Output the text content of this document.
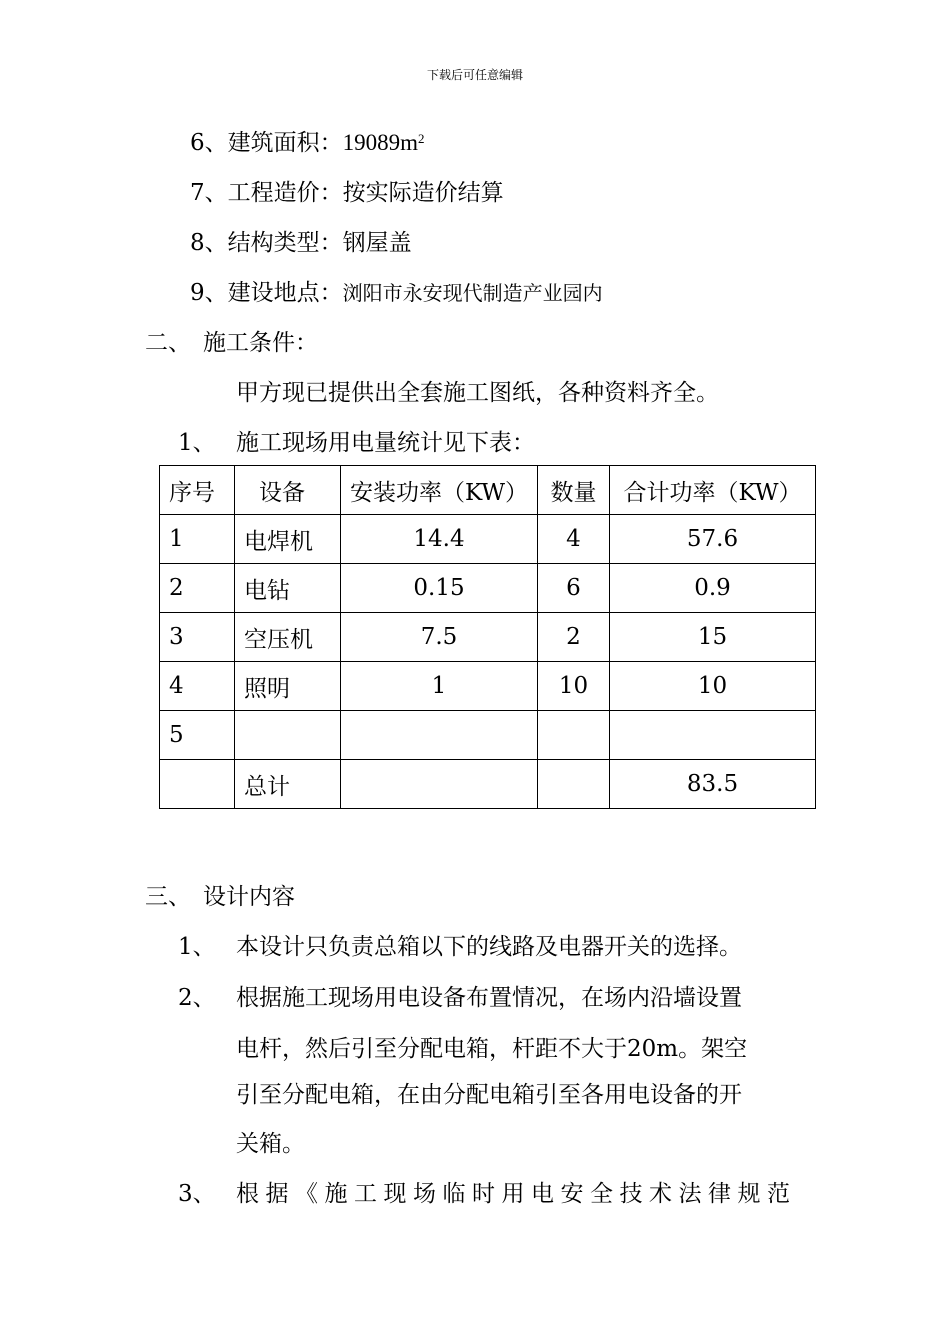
下载后可任意编辑
6、建筑面积：$19089m^2$
7、工程造价：按实际造价结算
8、结构类型：钢屋盖
9、建设地点：浏阳市永安现代制造产业园内
二、 施工条件：
甲方现已提供出全套施工图纸，各种资料齐全。
1、 施工现场用电量统计见下表：
序号	设备	安装功率（KW）	数量	合计功率（KW）
1	电焊机	14.4	4	57.6
2	电钻	0.15	6	0.9
3	空压机	7.5	2	15
4	照明	1	10	10
5				
	总计			83.5
三、 设计内容
1、 本设计只负责总箱以下的线路及电器开关的选择。
2、 根据施工现场用电设备布置情况，在场内沿墙设置
电杆，然后引至分配电箱，杆距不大于20m。架空
引至分配电箱，在由分配电箱引至各用电设备的开
关箱。
3、 根据《施工现场临时用电安全技术法律规范
